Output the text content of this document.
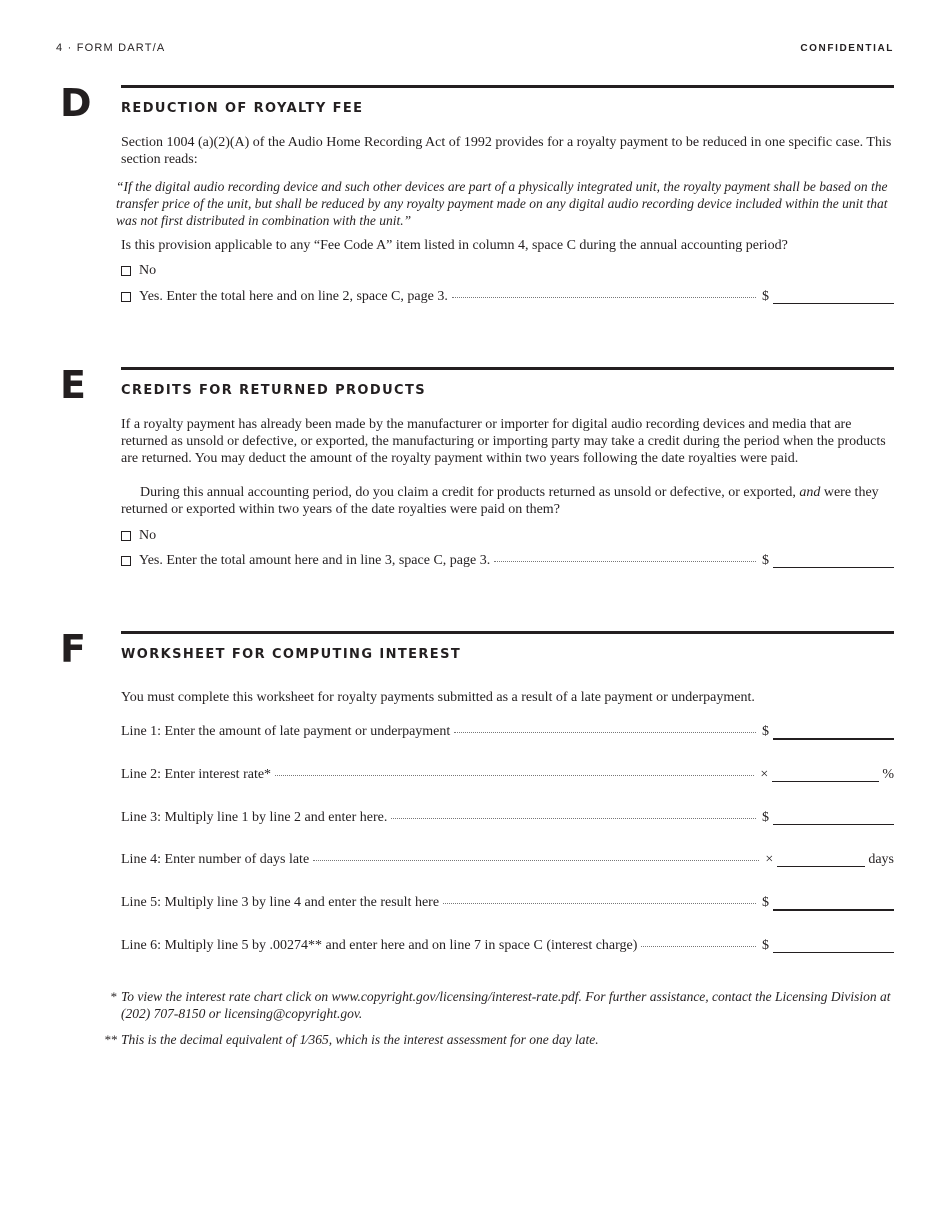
4 · FORM DART/A	CONFIDENTIAL
D REDUCTION OF ROYALTY FEE
Section 1004 (a)(2)(A) of the Audio Home Recording Act of 1992 provides for a royalty payment to be reduced in one specific case. This section reads:
“If the digital audio recording device and such other devices are part of a physically integrated unit, the royalty payment shall be based on the transfer price of the unit, but shall be reduced by any royalty payment made on any digital audio recording device included within the unit that was not first distributed in combination with the unit.”
Is this provision applicable to any “Fee Code A” item listed in column 4, space C during the annual accounting period?
No
Yes. Enter the total here and on line 2, space C, page 3.	$
E	CREDITS FOR RETURNED PRODUCTS
If a royalty payment has already been made by the manufacturer or importer for digital audio recording devices and media that are returned as unsold or defective, or exported, the manufacturing or importing party may take a credit during the period when the products are returned. You may deduct the amount of the royalty payment within two years following the date royalties were paid.
During this annual accounting period, do you claim a credit for products returned as unsold or defective, or exported, and were they returned or exported within two years of the date royalties were paid on them?
No
Yes. Enter the total amount here and in line 3, space C, page 3.	$
F	WORKSHEET FOR COMPUTING INTEREST
You must complete this worksheet for royalty payments submitted as a result of a late payment or underpayment.
Line 1: Enter the amount of late payment or underpayment	$
Line 2: Enter interest rate*	×	%
Line 3: Multiply line 1 by line 2 and enter here.	$
Line 4: Enter number of days late	×	days
Line 5: Multiply line 3 by line 4 and enter the result here	$
Line 6: Multiply line 5 by .00274** and enter here and on line 7 in space C (interest charge)	$
* To view the interest rate chart click on www.copyright.gov/licensing/interest-rate.pdf. For further assistance, contact the Licensing Division at (202) 707-8150 or licensing@copyright.gov.
** This is the decimal equivalent of 1⁄365, which is the interest assessment for one day late.
